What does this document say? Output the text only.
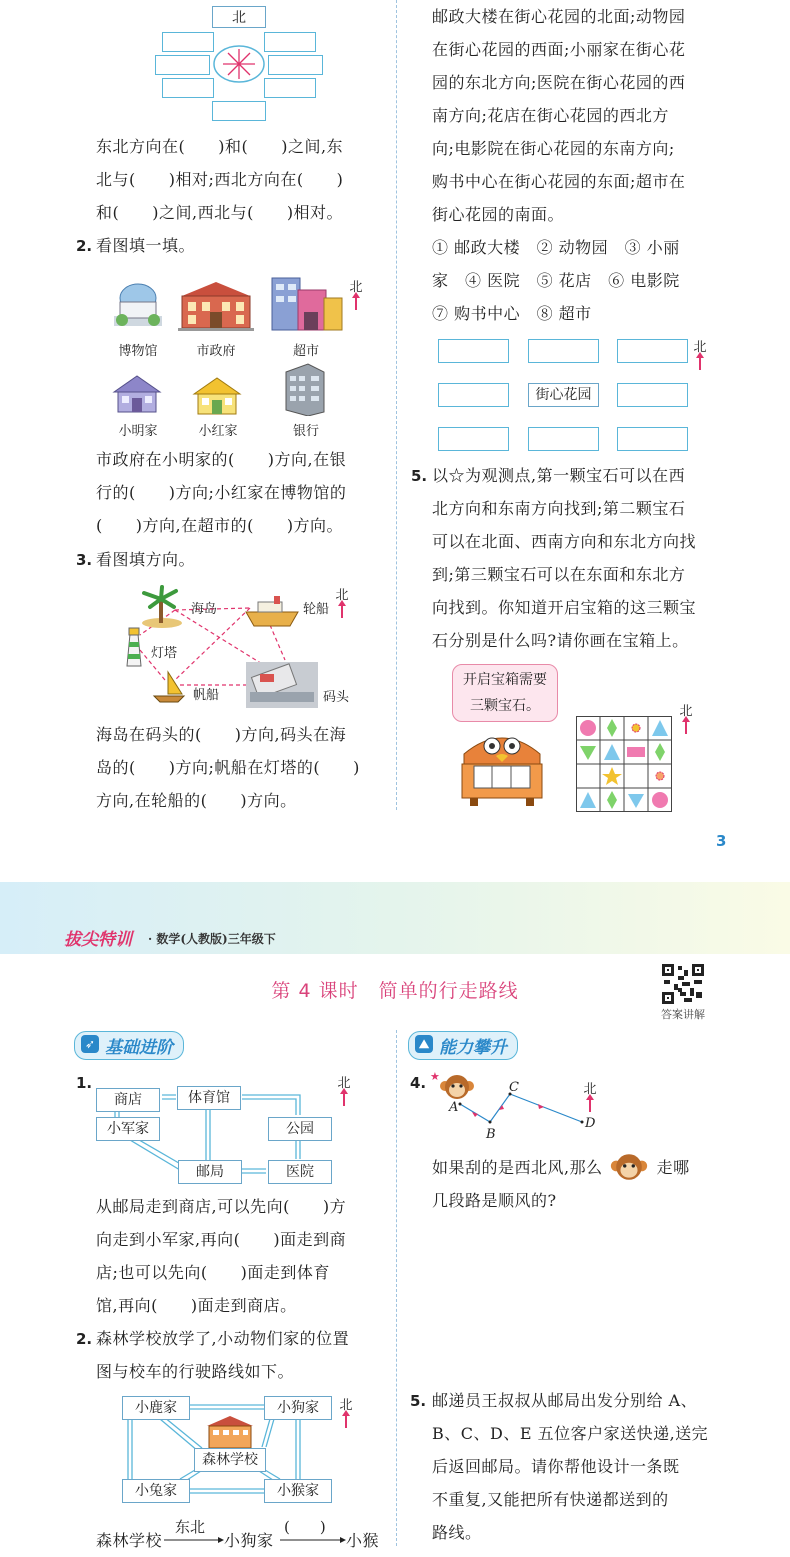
北
东北方向在(　　)和(　　)之间,东
北与(　　)相对;西北方向在(　　)
和(　　)之间,西北与(　　)相对。
2. 看图填一填。
北
博物馆	市政府	超市
小明家	小红家	银行
市政府在小明家的(　　)方向,在银
行的(　　)方向;小红家在博物馆的
(　　)方向,在超市的(　　)方向。
3. 看图填方向。
海岛	轮船
北
灯塔
帆船	码头
海岛在码头的(　　)方向,码头在海
岛的(　　)方向;帆船在灯塔的(　　)
方向,在轮船的(　　)方向。
邮政大楼在街心花园的北面;动物园
在街心花园的西面;小丽家在街心花
园的东北方向;医院在街心花园的西
南方向;花店在街心花园的西北方
向;电影院在街心花园的东南方向;
购书中心在街心花园的东面;超市在
街心花园的南面。
① 邮政大楼　② 动物园　③ 小丽
家　④ 医院　⑤ 花店　⑥ 电影院
⑦ 购书中心　⑧ 超市
街心花园
北
5. 以☆为观测点,第一颗宝石可以在西
北方向和东南方向找到;第二颗宝石
可以在北面、西南方向和东北方向找
到;第三颗宝石可以在东面和东北方
向找到。你知道开启宝箱的这三颗宝
石分别是什么吗?请你画在宝箱上。
开启宝箱需要
三颗宝石。	北
3
拔尖特训 · 数学(人教版)三年级下
第 4 课时　简单的行走路线
答案讲解
➶ 基础进阶	⛰ 能力攀升
1.
商店	体育馆
小军家	公园
邮局	医院
北
从邮局走到商店,可以先向(　　)方
向走到小军家,再向(　　)面走到商
店;也可以先向(　　)面走到体育
馆,再向(　　)面走到商店。
2. 森林学校放学了,小动物们家的位置
图与校车的行驶路线如下。
小鹿家	小狗家
森林学校
小兔家	小猴家
北
森林学校
东北
小狗家
(　　)
小猴
4. ★
A
B
C
D
北
如果刮的是西北风,那么	走哪
几段路是顺风的?
5. 邮递员王叔叔从邮局出发分别给 A、
B、C、D、E 五位客户家送快递,送完
后返回邮局。请你帮他设计一条既
不重复,又能把所有快递都送到的
路线。
